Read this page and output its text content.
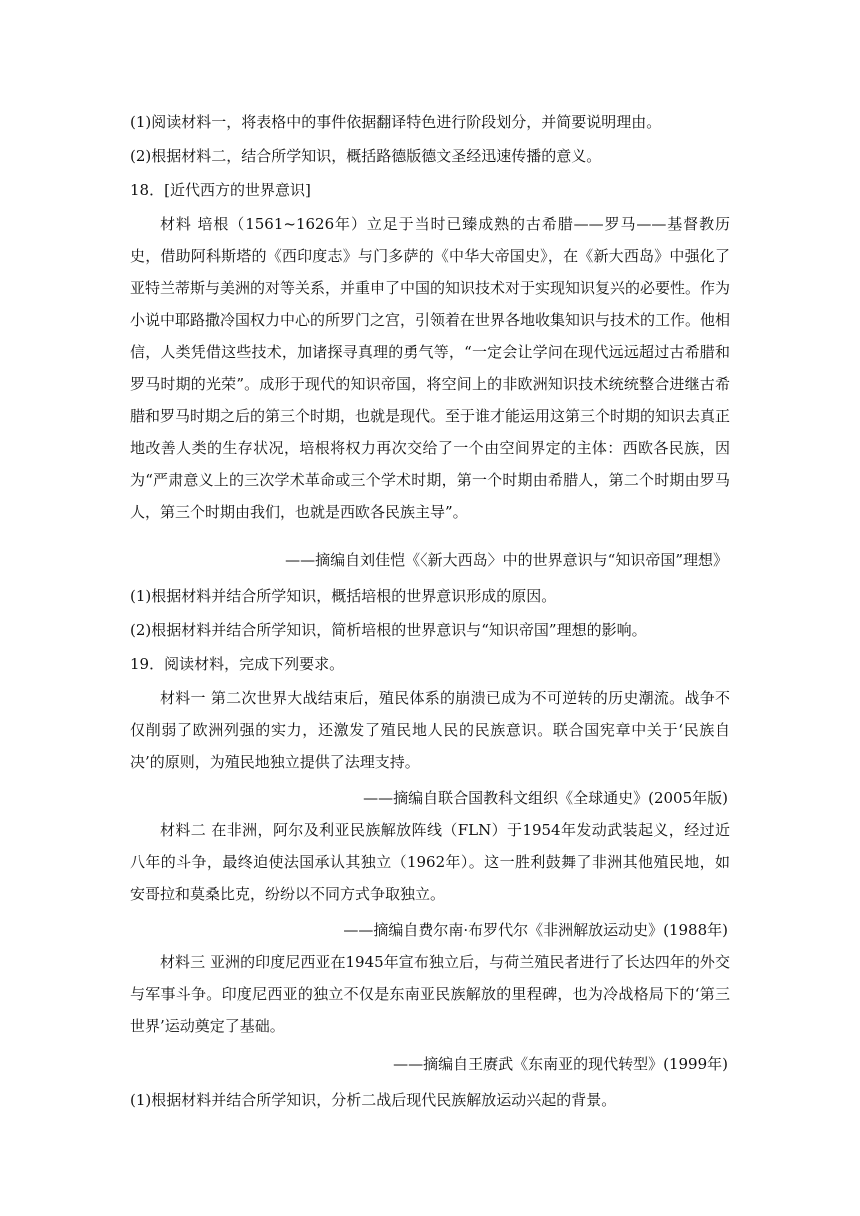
(1)阅读材料一，将表格中的事件依据翻译特色进行阶段划分，并简要说明理由。
(2)根据材料二，结合所学知识，概括路德版德文圣经迅速传播的意义。
18．[近代西方的世界意识]
材料 培根（1561~1626年）立足于当时已臻成熟的古希腊——罗马——基督教历史，借助阿科斯塔的《西印度志》与门多萨的《中华大帝国史》，在《新大西岛》中强化了亚特兰蒂斯与美洲的对等关系，并重申了中国的知识技术对于实现知识复兴的必要性。作为小说中耶路撒冷国权力中心的所罗门之宫，引领着在世界各地收集知识与技术的工作。他相信，人类凭借这些技术，加诸探寻真理的勇气等，“一定会让学问在现代远远超过古希腊和罗马时期的光荣”。成形于现代的知识帝国，将空间上的非欧洲知识技术统统整合进继古希腊和罗马时期之后的第三个时期，也就是现代。至于谁才能运用这第三个时期的知识去真正地改善人类的生存状况，培根将权力再次交给了一个由空间界定的主体：西欧各民族，因为“严肃意义上的三次学术革命或三个学术时期，第一个时期由希腊人，第二个时期由罗马人，第三个时期由我们，也就是西欧各民族主导”。
——摘编自刘佳恺《〈新大西岛〉中的世界意识与“知识帝国”理想》
(1)根据材料并结合所学知识，概括培根的世界意识形成的原因。
(2)根据材料并结合所学知识，简析培根的世界意识与“知识帝国”理想的影响。
19．阅读材料，完成下列要求。
材料一 第二次世界大战结束后，殖民体系的崩溃已成为不可逆转的历史潮流。战争不仅削弱了欧洲列强的实力，还激发了殖民地人民的民族意识。联合国宪章中关于‘民族自决’的原则，为殖民地独立提供了法理支持。
——摘编自联合国教科文组织《全球通史》(2005年版)
材料二 在非洲，阿尔及利亚民族解放阵线（FLN）于1954年发动武装起义，经过近八年的斗争，最终迫使法国承认其独立（1962年）。这一胜利鼓舞了非洲其他殖民地，如安哥拉和莫桑比克，纷纷以不同方式争取独立。
——摘编自费尔南·布罗代尔《非洲解放运动史》(1988年)
材料三 亚洲的印度尼西亚在1945年宣布独立后，与荷兰殖民者进行了长达四年的外交与军事斗争。印度尼西亚的独立不仅是东南亚民族解放的里程碑，也为冷战格局下的‘第三世界’运动奠定了基础。
——摘编自王赓武《东南亚的现代转型》(1999年)
(1)根据材料并结合所学知识，分析二战后现代民族解放运动兴起的背景。
